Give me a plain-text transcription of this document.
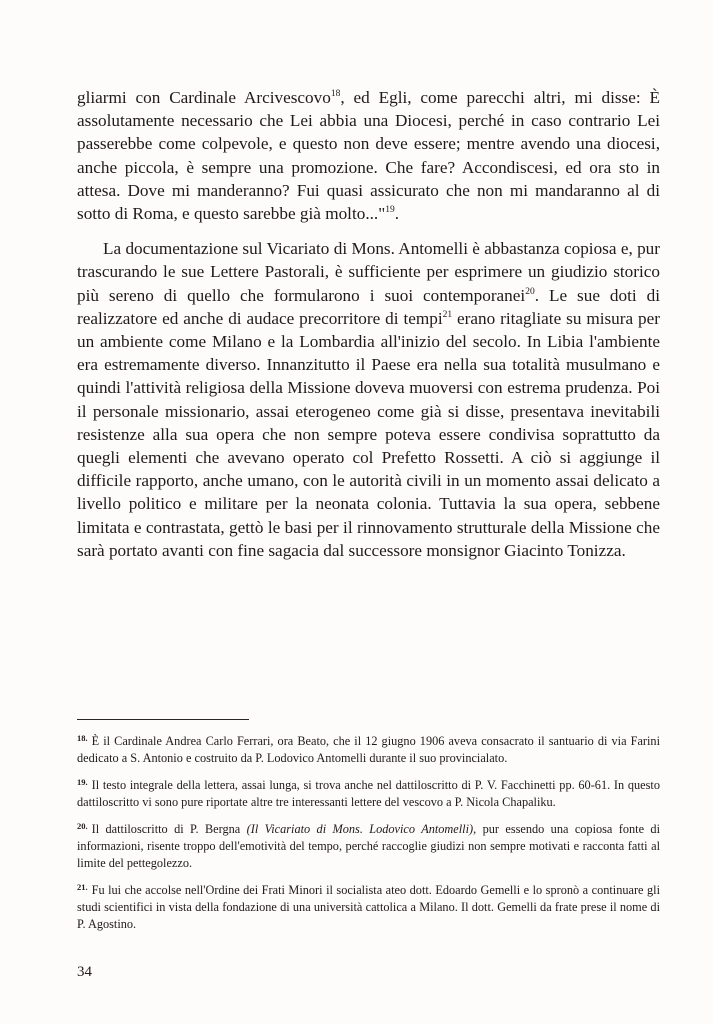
gliarmi con Cardinale Arcivescovo$^{18}$, ed Egli, come parecchi altri, mi disse: È assolutamente necessario che Lei abbia una Diocesi, perché in caso contrario Lei passerebbe come colpevole, e questo non deve essere; mentre avendo una diocesi, anche piccola, è sempre una promozione. Che fare? Accondiscesi, ed ora sto in attesa. Dove mi manderanno? Fui quasi assicurato che non mi mandaranno al di sotto di Roma, e questo sarebbe già molto..."$^{19}$.

La documentazione sul Vicariato di Mons. Antomelli è abbastanza copiosa e, pur trascurando le sue Lettere Pastorali, è sufficiente per esprimere un giudizio storico più sereno di quello che formularono i suoi contemporanei$^{20}$. Le sue doti di realizzatore ed anche di audace precorritore di tempi$^{21}$ erano ritagliate su misura per un ambiente come Milano e la Lombardia all'inizio del secolo. In Libia l'ambiente era estremamente diverso. Innanzitutto il Paese era nella sua totalità musulmano e quindi l'attività religiosa della Missione doveva muoversi con estrema prudenza. Poi il personale missionario, assai eterogeneo come già si disse, presentava inevitabili resistenze alla sua opera che non sempre poteva essere condivisa soprattutto da quegli elementi che avevano operato col Prefetto Rossetti. A ciò si aggiunge il difficile rapporto, anche umano, con le autorità civili in un momento assai delicato a livello politico e militare per la neonata colonia. Tuttavia la sua opera, sebbene limitata e contrastata, gettò le basi per il rinnovamento strutturale della Missione che sarà portato avanti con fine sagacia dal successore monsignor Giacinto Tonizza.

18. È il Cardinale Andrea Carlo Ferrari, ora Beato, che il 12 giugno 1906 aveva consacrato il santuario di via Farini dedicato a S. Antonio e costruito da P. Lodovico Antomelli durante il suo provincialato.

19. Il testo integrale della lettera, assai lunga, si trova anche nel dattiloscritto di P. V. Facchinetti pp. 60-61. In questo dattiloscritto vi sono pure riportate altre tre interessanti lettere del vescovo a P. Nicola Chapaliku.

20. Il dattiloscritto di P. Bergna (Il Vicariato di Mons. Lodovico Antomelli), pur essendo una copiosa fonte di informazioni, risente troppo dell'emotività del tempo, perché raccoglie giudizi non sempre motivati e racconta fatti al limite del pettegolezzo.

21. Fu lui che accolse nell'Ordine dei Frati Minori il socialista ateo dott. Edoardo Gemelli e lo spronò a continuare gli studi scientifici in vista della fondazione di una università cattolica a Milano. Il dott. Gemelli da frate prese il nome di P. Agostino.

34
